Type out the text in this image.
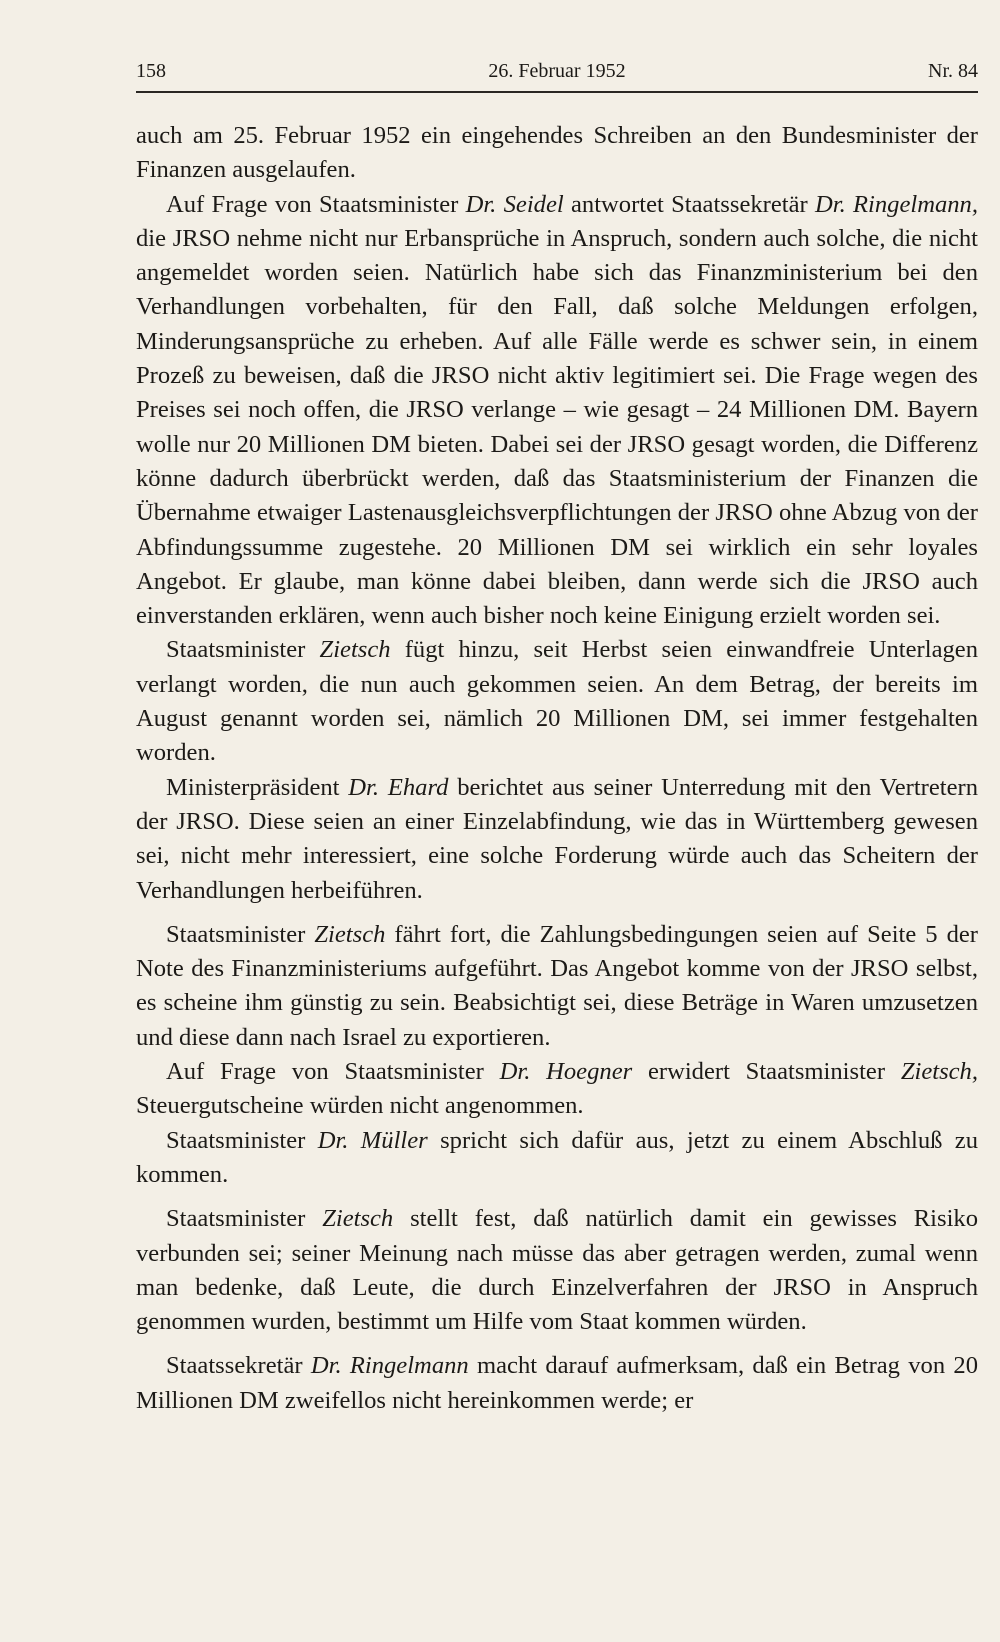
158	26. Februar 1952	Nr. 84

auch am 25. Februar 1952 ein eingehendes Schreiben an den Bundesminister der Finanzen ausgelaufen.

Auf Frage von Staatsminister Dr. Seidel antwortet Staatssekretär Dr. Ringelmann, die JRSO nehme nicht nur Erbansprüche in Anspruch, sondern auch solche, die nicht angemeldet worden seien. Natürlich habe sich das Finanzministerium bei den Verhandlungen vorbehalten, für den Fall, daß solche Meldungen erfolgen, Minderungsansprüche zu erheben. Auf alle Fälle werde es schwer sein, in einem Prozeß zu beweisen, daß die JRSO nicht aktiv legitimiert sei. Die Frage wegen des Preises sei noch offen, die JRSO verlange – wie gesagt – 24 Millionen DM. Bayern wolle nur 20 Millionen DM bieten. Dabei sei der JRSO gesagt worden, die Differenz könne dadurch überbrückt werden, daß das Staatsministerium der Finanzen die Übernahme etwaiger Lastenausgleichsverpflichtungen der JRSO ohne Abzug von der Abfindungssumme zugestehe. 20 Millionen DM sei wirklich ein sehr loyales Angebot. Er glaube, man könne dabei bleiben, dann werde sich die JRSO auch einverstanden erklären, wenn auch bisher noch keine Einigung erzielt worden sei.

Staatsminister Zietsch fügt hinzu, seit Herbst seien einwandfreie Unterlagen verlangt worden, die nun auch gekommen seien. An dem Betrag, der bereits im August genannt worden sei, nämlich 20 Millionen DM, sei immer festgehalten worden.

Ministerpräsident Dr. Ehard berichtet aus seiner Unterredung mit den Vertretern der JRSO. Diese seien an einer Einzelabfindung, wie das in Württemberg gewesen sei, nicht mehr interessiert, eine solche Forderung würde auch das Scheitern der Verhandlungen herbeiführen.

Staatsminister Zietsch fährt fort, die Zahlungsbedingungen seien auf Seite 5 der Note des Finanzministeriums aufgeführt. Das Angebot komme von der JRSO selbst, es scheine ihm günstig zu sein. Beabsichtigt sei, diese Beträge in Waren umzusetzen und diese dann nach Israel zu exportieren.

Auf Frage von Staatsminister Dr. Hoegner erwidert Staatsminister Zietsch, Steuergutscheine würden nicht angenommen.

Staatsminister Dr. Müller spricht sich dafür aus, jetzt zu einem Abschluß zu kommen.

Staatsminister Zietsch stellt fest, daß natürlich damit ein gewisses Risiko verbunden sei; seiner Meinung nach müsse das aber getragen werden, zumal wenn man bedenke, daß Leute, die durch Einzelverfahren der JRSO in Anspruch genommen wurden, bestimmt um Hilfe vom Staat kommen würden.

Staatssekretär Dr. Ringelmann macht darauf aufmerksam, daß ein Betrag von 20 Millionen DM zweifellos nicht hereinkommen werde; er
